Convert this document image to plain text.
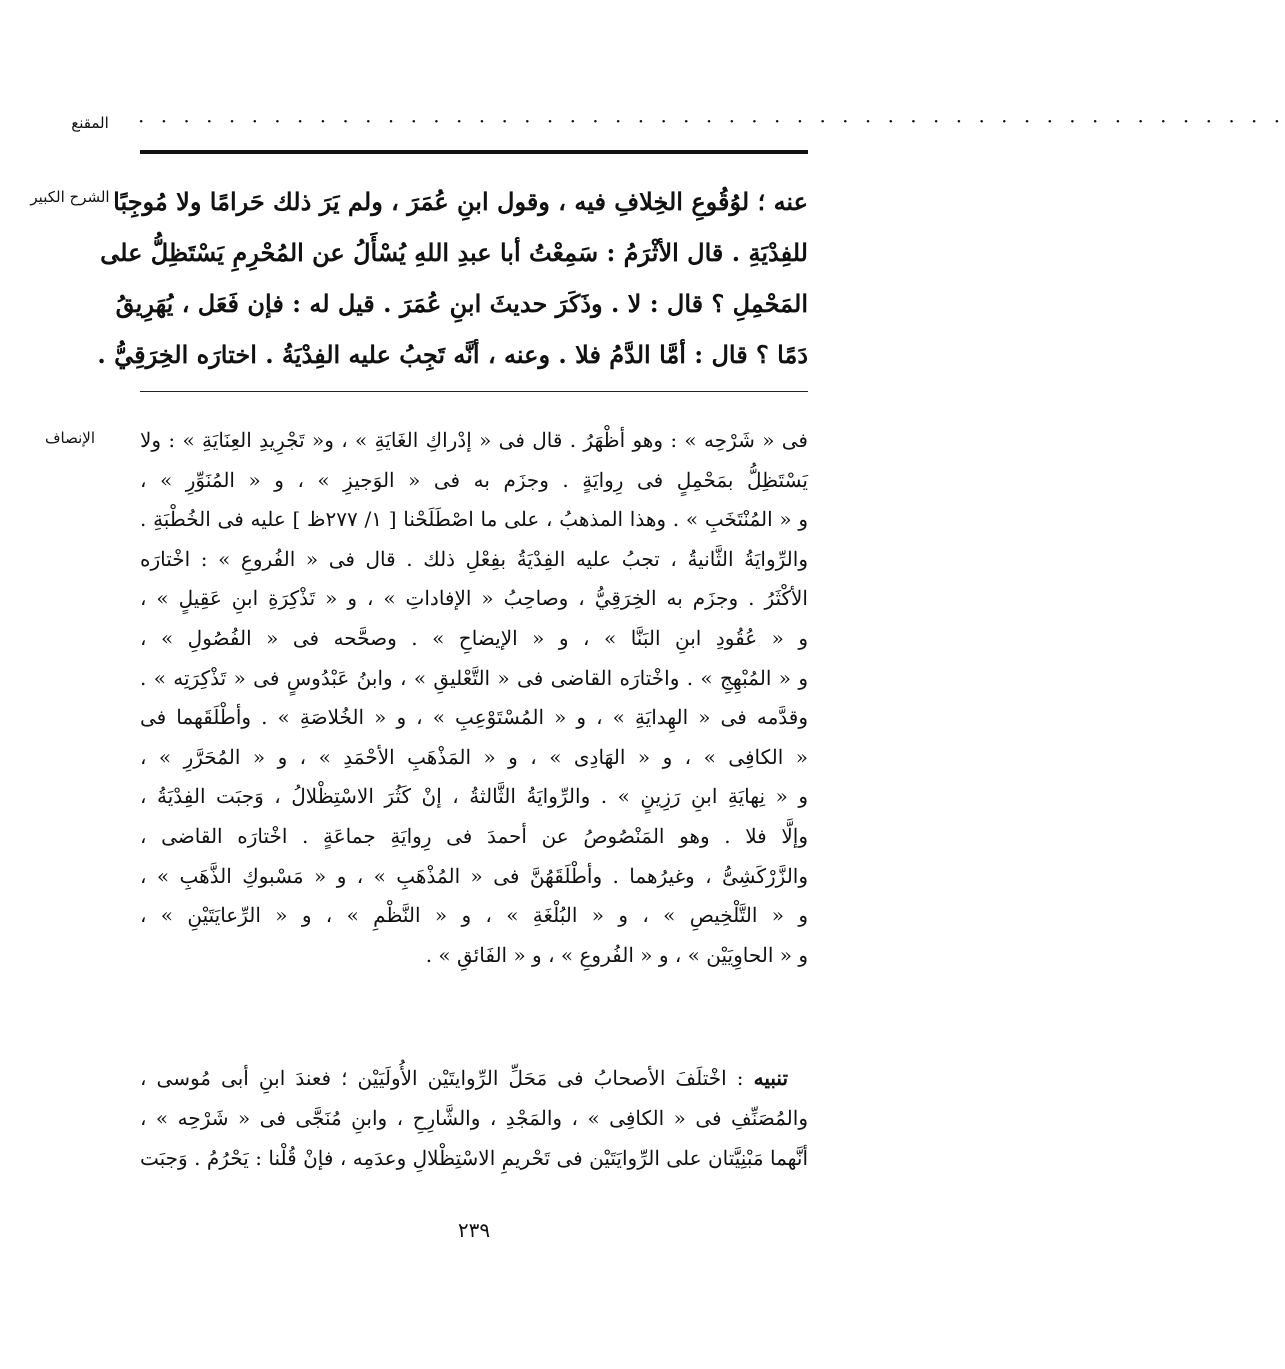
المقنع	· · · · · · · · · · · · · · · · · · · · · · · · · · · · · · · · · · · · · · · · · · · · · · · · · · ·
الشرح الكبير عنه ؛ لوُقُوعِ الخِلافِ فيه ، وقول ابنِ عُمَرَ ، ولم يَرَ ذلك حَرامًا ولا مُوجِبًا
للفِدْيَةِ . قال الأثْرَمُ : سَمِعْتُ أبا عبدِ اللهِ يُسْأَلُ عن المُحْرِمِ يَسْتَظِلُّ على
المَحْمِلِ ؟ قال : لا . وذَكَرَ حديثَ ابنِ عُمَرَ . قيل له : فإن فَعَل ، يُهَرِيقُ
دَمًا ؟ قال : أمَّا الدَّمُ فلا . وعنه ، أنَّه تَجِبُ عليه الفِدْيَةُ . اختارَه الخِرَقِيُّ .
الإنصاف	فى « شَرْحِه » : وهو أظْهَرُ . قال فى « إدْراكِ الغَايَةِ » ، و« تَجْرِيدِ العِنَايَةِ » : ولا
يَسْتَظِلُّ بمَحْمِلٍ فى رِوايَةٍ . وجزَم به فى « الوَجيزِ » ، و « المُنَوِّرِ » ،
و « المُنْتَخَبِ » . وهذا المذهبُ ، على ما اصْطَلَحْنا [ ١/ ٢٧٧ظ ] عليه فى الخُطْبَةِ .
والرِّوايَةُ الثَّانيةُ ، تجبُ عليه الفِدْيَةُ بفِعْلِ ذلك . قال فى « الفُروعِ » : اخْتارَه
الأكْثَرُ . وجزَم به الخِرَقِيُّ ، وصاحِبُ « الإفاداتِ » ، و « تَذْكِرَةِ ابنِ عَقِيلٍ » ،
و « عُقُودِ ابنِ البَنَّا » ، و « الإيضاحِ » . وصحَّحه فى « الفُصُولِ » ،
و « المُبْهِجِ » . واخْتارَه القاضى فى « التَّعْليقِ » ، وابنُ عَبْدُوسٍ فى « تَذْكِرَتِه » .
وقدَّمه فى « الهِدايَةِ » ، و « المُسْتَوْعِبِ » ، و « الخُلاصَةِ » . وأطْلَقَهما فى
« الكافِى » ، و « الهَادِى » ، و « المَذْهَبِ الأحْمَدِ » ، و « المُحَرَّرِ » ،
و « نِهايَةِ ابنِ رَزِينٍ » . والرِّوايَةُ الثَّالثةُ ، إنْ كَثُرَ الاسْتِظْلالُ ، وَجبَت الفِدْيَةُ ،
وإلَّا فلا . وهو المَنْصُوصُ عن أحمدَ فى رِوايَةِ جماعَةٍ . اخْتارَه القاضى ،
والزَّرْكَشِىُّ ، وغيرُهما . وأطْلَقَهُنَّ فى « المُذْهَبِ » ، و « مَسْبوكِ الذَّهَبِ » ،
و « التَّلْخِيصِ » ، و « البُلْغَةِ » ، و « النَّظْمِ » ، و « الرِّعايَتَيْنِ » ،
و « الحاوِيَيْن » ، و « الفُروعِ » ، و « الفَائقِ » .
تنبيه : اخْتلَفَ الأصحابُ فى مَحَلِّ الرِّوايتَيْن الأُولَيَيْن ؛ فعندَ ابنِ أبى مُوسى ،
والمُصَنِّفِ فى « الكافِى » ، والمَجْدِ ، والشَّارِحِ ، وابنِ مُنَجَّى فى « شَرْحِه » ،
أنَّهما مَبْنِيَّتان على الرِّوايَتَيْن فى تَحْريمِ الاسْتِظْلالِ وعدَمِه ، فإنْ قُلْنا : يَحْرُمُ . وَجبَت
٢٣٩
